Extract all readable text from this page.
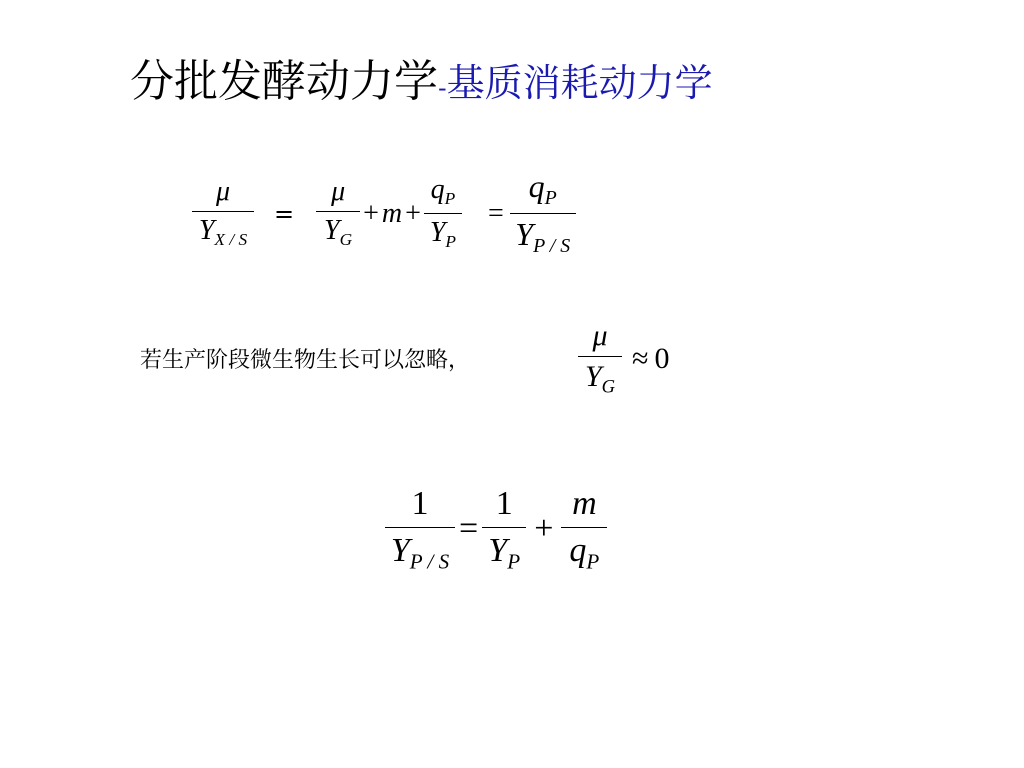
分批发酵动力学 - 基质消耗动力学
$\frac{\mu}{Y_{X / S}} = \frac{\mu}{Y_G} + m + \frac{q_P}{Y_P} = \frac{q_P}{Y_{P / S}}$
若生产阶段微生物生长可以忽略，	$\frac{\mu}{Y_G} \approx 0$
$\frac{1}{Y_{P / S}} = \frac{1}{Y_P} + \frac{m}{q_P}$
